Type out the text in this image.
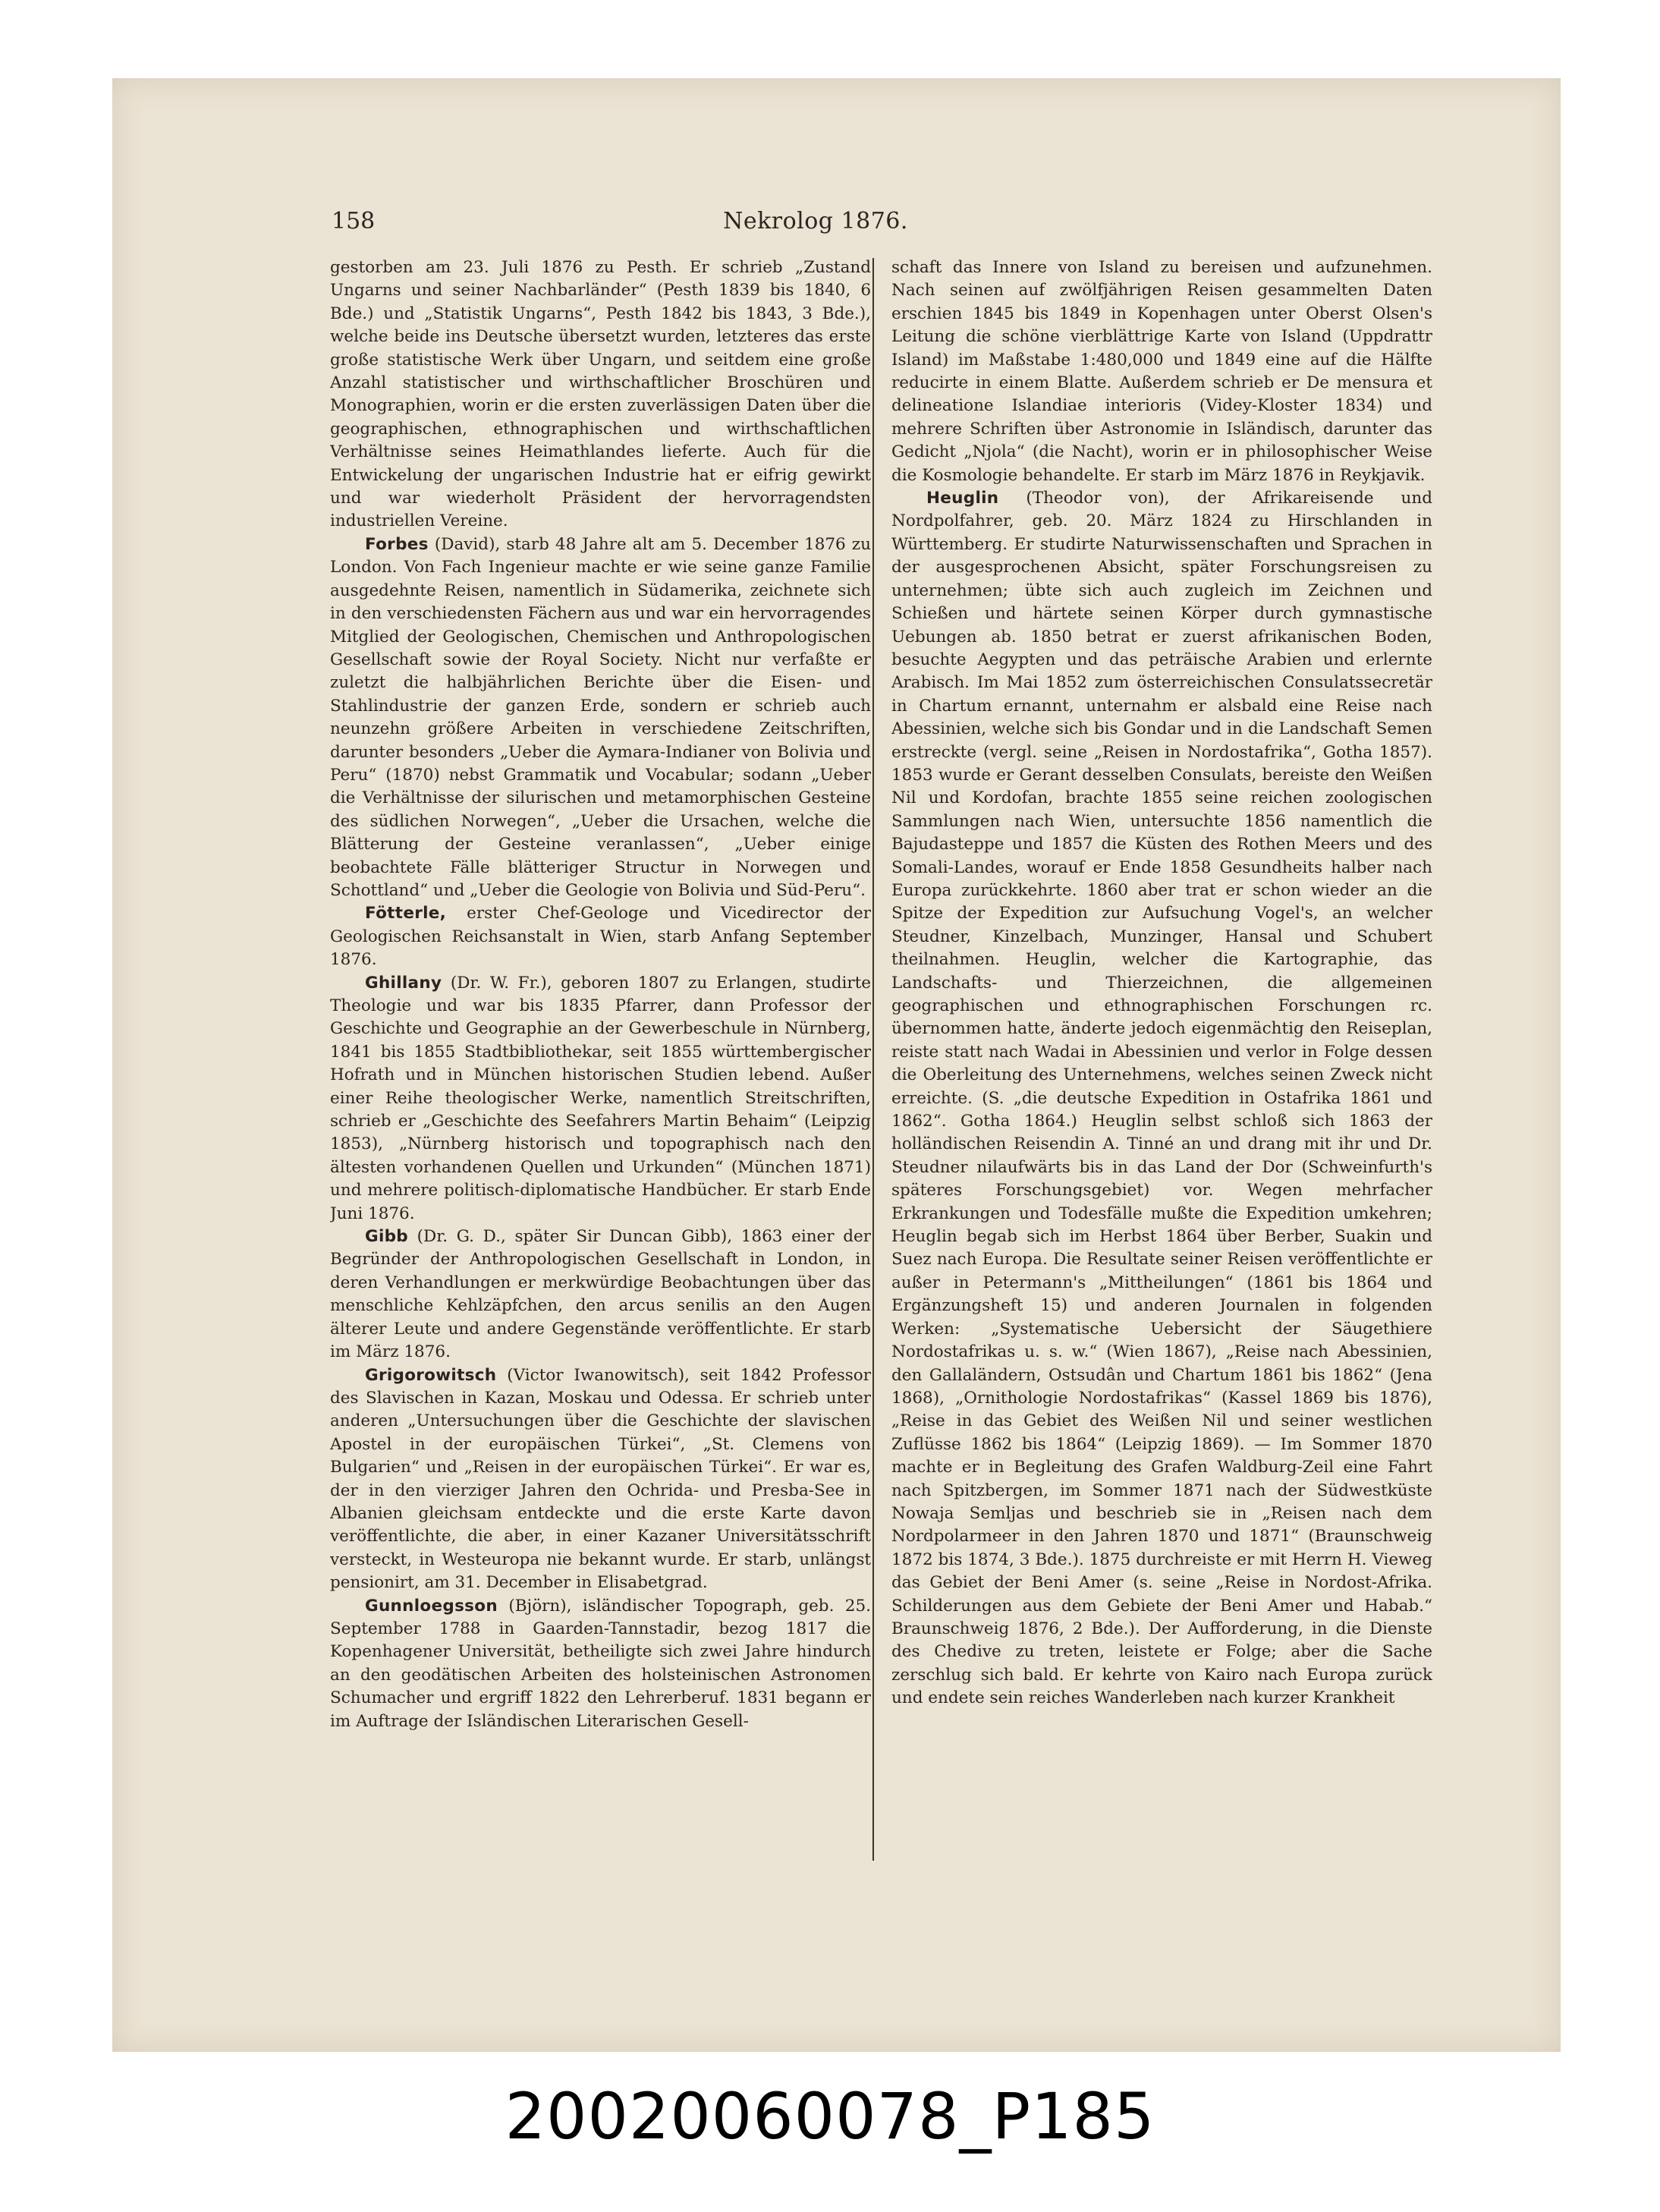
158	Nekrolog 1876.

gestorben am 23. Juli 1876 zu Pesth. Er schrieb „Zustand Ungarns und seiner Nachbarländer“ (Pesth 1839 bis 1840, 6 Bde.) und „Statistik Ungarns“, Pesth 1842 bis 1843, 3 Bde.), welche beide ins Deutsche übersetzt wurden, letzteres das erste große statistische Werk über Ungarn, und seitdem eine große Anzahl statistischer und wirthschaftlicher Broschüren und Monographien, worin er die ersten zuverlässigen Daten über die geographischen, ethnographischen und wirthschaftlichen Verhältnisse seines Heimathlandes lieferte. Auch für die Entwickelung der ungarischen Industrie hat er eifrig gewirkt und war wiederholt Präsident der hervorragendsten industriellen Vereine.

Forbes (David), starb 48 Jahre alt am 5. December 1876 zu London. Von Fach Ingenieur machte er wie seine ganze Familie ausgedehnte Reisen, namentlich in Südamerika, zeichnete sich in den verschiedensten Fächern aus und war ein hervorragendes Mitglied der Geologischen, Chemischen und Anthropologischen Gesellschaft sowie der Royal Society. Nicht nur verfaßte er zuletzt die halbjährlichen Berichte über die Eisen- und Stahlindustrie der ganzen Erde, sondern er schrieb auch neunzehn größere Arbeiten in verschiedene Zeitschriften, darunter besonders „Ueber die Aymara-Indianer von Bolivia und Peru“ (1870) nebst Grammatik und Vocabular; sodann „Ueber die Verhältnisse der silurischen und metamorphischen Gesteine des südlichen Norwegen“, „Ueber die Ursachen, welche die Blätterung der Gesteine veranlassen“, „Ueber einige beobachtete Fälle blätteriger Structur in Norwegen und Schottland“ und „Ueber die Geologie von Bolivia und Süd-Peru“.

Fötterle, erster Chef-Geologe und Vicedirector der Geologischen Reichsanstalt in Wien, starb Anfang September 1876.

Ghillany (Dr. W. Fr.), geboren 1807 zu Erlangen, studirte Theologie und war bis 1835 Pfarrer, dann Professor der Geschichte und Geographie an der Gewerbeschule in Nürnberg, 1841 bis 1855 Stadtbibliothekar, seit 1855 württembergischer Hofrath und in München historischen Studien lebend. Außer einer Reihe theologischer Werke, namentlich Streitschriften, schrieb er „Geschichte des Seefahrers Martin Behaim“ (Leipzig 1853), „Nürnberg historisch und topographisch nach den ältesten vorhandenen Quellen und Urkunden“ (München 1871) und mehrere politisch-diplomatische Handbücher. Er starb Ende Juni 1876.

Gibb (Dr. G. D., später Sir Duncan Gibb), 1863 einer der Begründer der Anthropologischen Gesellschaft in London, in deren Verhandlungen er merkwürdige Beobachtungen über das menschliche Kehlzäpfchen, den arcus senilis an den Augen älterer Leute und andere Gegenstände veröffentlichte. Er starb im März 1876.

Grigorowitsch (Victor Iwanowitsch), seit 1842 Professor des Slavischen in Kazan, Moskau und Odessa. Er schrieb unter anderen „Untersuchungen über die Geschichte der slavischen Apostel in der europäischen Türkei“, „St. Clemens von Bulgarien“ und „Reisen in der europäischen Türkei“. Er war es, der in den vierziger Jahren den Ochrida- und Presba-See in Albanien gleichsam entdeckte und die erste Karte davon veröffentlichte, die aber, in einer Kazaner Universitätsschrift versteckt, in Westeuropa nie bekannt wurde. Er starb, unlängst pensionirt, am 31. December in Elisabetgrad.

Gunnloegsson (Björn), isländischer Topograph, geb. 25. September 1788 in Gaarden-Tannstadir, bezog 1817 die Kopenhagener Universität, betheiligte sich zwei Jahre hindurch an den geodätischen Arbeiten des holsteinischen Astronomen Schumacher und ergriff 1822 den Lehrerberuf. 1831 begann er im Auftrage der Isländischen Literarischen Gesell-

schaft das Innere von Island zu bereisen und aufzunehmen. Nach seinen auf zwölfjährigen Reisen gesammelten Daten erschien 1845 bis 1849 in Kopenhagen unter Oberst Olsen's Leitung die schöne vierblättrige Karte von Island (Uppdrattr Island) im Maßstabe 1:480,000 und 1849 eine auf die Hälfte reducirte in einem Blatte. Außerdem schrieb er De mensura et delineatione Islandiae interioris (Videy-Kloster 1834) und mehrere Schriften über Astronomie in Isländisch, darunter das Gedicht „Njola“ (die Nacht), worin er in philosophischer Weise die Kosmologie behandelte. Er starb im März 1876 in Reykjavik.

Heuglin (Theodor von), der Afrikareisende und Nordpolfahrer, geb. 20. März 1824 zu Hirschlanden in Württemberg. Er studirte Naturwissenschaften und Sprachen in der ausgesprochenen Absicht, später Forschungsreisen zu unternehmen; übte sich auch zugleich im Zeichnen und Schießen und härtete seinen Körper durch gymnastische Uebungen ab. 1850 betrat er zuerst afrikanischen Boden, besuchte Aegypten und das peträische Arabien und erlernte Arabisch. Im Mai 1852 zum österreichischen Consulatssecretär in Chartum ernannt, unternahm er alsbald eine Reise nach Abessinien, welche sich bis Gondar und in die Landschaft Semen erstreckte (vergl. seine „Reisen in Nordostafrika“, Gotha 1857). 1853 wurde er Gerant desselben Consulats, bereiste den Weißen Nil und Kordofan, brachte 1855 seine reichen zoologischen Sammlungen nach Wien, untersuchte 1856 namentlich die Bajudasteppe und 1857 die Küsten des Rothen Meers und des Somali-Landes, worauf er Ende 1858 Gesundheits halber nach Europa zurückkehrte. 1860 aber trat er schon wieder an die Spitze der Expedition zur Aufsuchung Vogel's, an welcher Steudner, Kinzelbach, Munzinger, Hansal und Schubert theilnahmen. Heuglin, welcher die Kartographie, das Landschafts- und Thierzeichnen, die allgemeinen geographischen und ethnographischen Forschungen rc. übernommen hatte, änderte jedoch eigenmächtig den Reiseplan, reiste statt nach Wadai in Abessinien und verlor in Folge dessen die Oberleitung des Unternehmens, welches seinen Zweck nicht erreichte. (S. „die deutsche Expedition in Ostafrika 1861 und 1862“. Gotha 1864.) Heuglin selbst schloß sich 1863 der holländischen Reisendin A. Tinné an und drang mit ihr und Dr. Steudner nilaufwärts bis in das Land der Dor (Schweinfurth's späteres Forschungsgebiet) vor. Wegen mehrfacher Erkrankungen und Todesfälle mußte die Expedition umkehren; Heuglin begab sich im Herbst 1864 über Berber, Suakin und Suez nach Europa. Die Resultate seiner Reisen veröffentlichte er außer in Petermann's „Mittheilungen“ (1861 bis 1864 und Ergänzungsheft 15) und anderen Journalen in folgenden Werken: „Systematische Uebersicht der Säugethiere Nordostafrikas u. s. w.“ (Wien 1867), „Reise nach Abessinien, den Gallaländern, Ostsudân und Chartum 1861 bis 1862“ (Jena 1868), „Ornithologie Nordostafrikas“ (Kassel 1869 bis 1876), „Reise in das Gebiet des Weißen Nil und seiner westlichen Zuflüsse 1862 bis 1864“ (Leipzig 1869). — Im Sommer 1870 machte er in Begleitung des Grafen Waldburg-Zeil eine Fahrt nach Spitzbergen, im Sommer 1871 nach der Südwestküste Nowaja Semljas und beschrieb sie in „Reisen nach dem Nordpolarmeer in den Jahren 1870 und 1871“ (Braunschweig 1872 bis 1874, 3 Bde.). 1875 durchreiste er mit Herrn H. Vieweg das Gebiet der Beni Amer (s. seine „Reise in Nordost-Afrika. Schilderungen aus dem Gebiete der Beni Amer und Habab.“ Braunschweig 1876, 2 Bde.). Der Aufforderung, in die Dienste des Chedive zu treten, leistete er Folge; aber die Sache zerschlug sich bald. Er kehrte von Kairo nach Europa zurück und endete sein reiches Wanderleben nach kurzer Krankheit

20020060078_P185
